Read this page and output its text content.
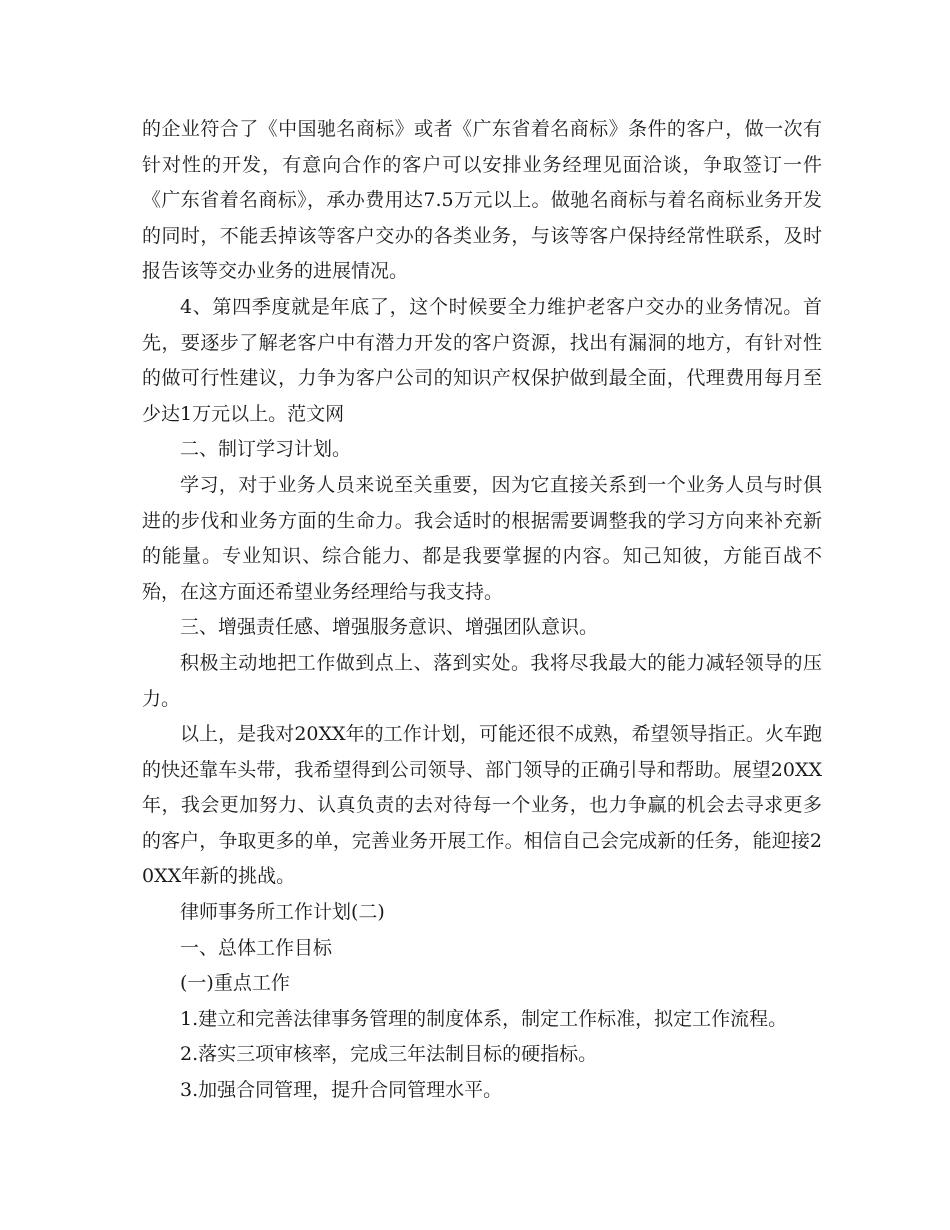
的企业符合了《中国驰名商标》或者《广东省着名商标》条件的客户，做一次有针对性的开发，有意向合作的客户可以安排业务经理见面洽谈，争取签订一件《广东省着名商标》，承办费用达7.5万元以上。做驰名商标与着名商标业务开发的同时，不能丢掉该等客户交办的各类业务，与该等客户保持经常性联系，及时报告该等交办业务的进展情况。

4、第四季度就是年底了，这个时候要全力维护老客户交办的业务情况。首先，要逐步了解老客户中有潜力开发的客户资源，找出有漏洞的地方，有针对性的做可行性建议，力争为客户公司的知识产权保护做到最全面，代理费用每月至少达1万元以上。范文网

二、制订学习计划。

学习，对于业务人员来说至关重要，因为它直接关系到一个业务人员与时俱进的步伐和业务方面的生命力。我会适时的根据需要调整我的学习方向来补充新的能量。专业知识、综合能力、都是我要掌握的内容。知己知彼，方能百战不殆，在这方面还希望业务经理给与我支持。

三、增强责任感、增强服务意识、增强团队意识。

积极主动地把工作做到点上、落到实处。我将尽我最大的能力减轻领导的压力。

以上，是我对20XX年的工作计划，可能还很不成熟，希望领导指正。火车跑的快还靠车头带，我希望得到公司领导、部门领导的正确引导和帮助。展望20XX年，我会更加努力、认真负责的去对待每一个业务，也力争赢的机会去寻求更多的客户，争取更多的单，完善业务开展工作。相信自己会完成新的任务，能迎接20XX年新的挑战。

律师事务所工作计划(二)

一、总体工作目标

(一)重点工作

1.建立和完善法律事务管理的制度体系，制定工作标准，拟定工作流程。

2.落实三项审核率，完成三年法制目标的硬指标。

3.加强合同管理，提升合同管理水平。
